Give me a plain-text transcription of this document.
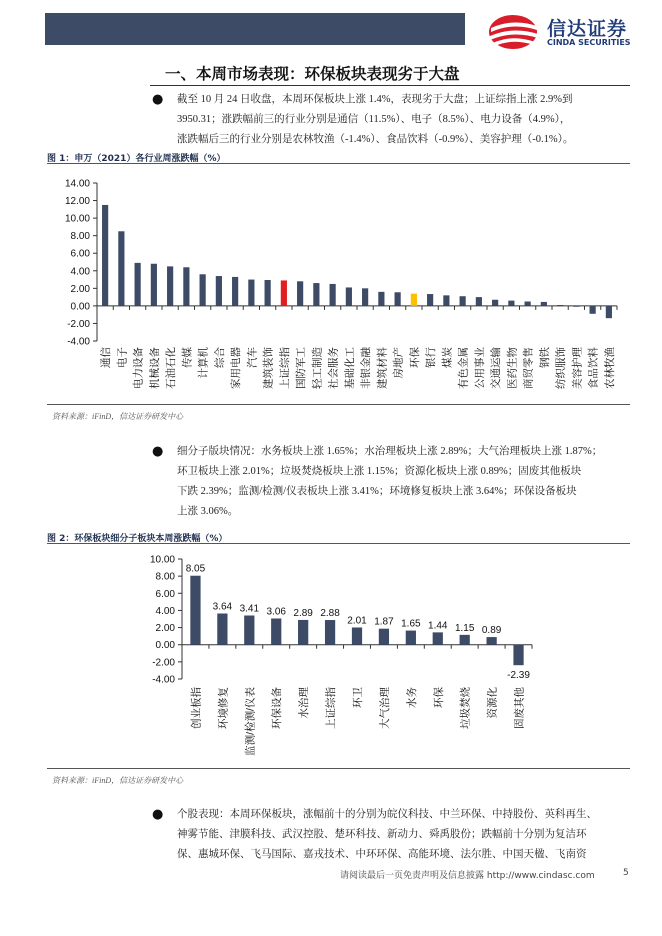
信达证券
CINDA SECURITIES
一、本周市场表现：环保板块表现劣于大盘
● 截至 10 月 24 日收盘，本周环保板块上涨 1.4%，表现劣于大盘；上证综指上涨 2.9%到
3950.31；涨跌幅前三的行业分别是通信（11.5%）、电子（8.5%）、电力设备（4.9%），
涨跌幅后三的行业分别是农林牧渔（-1.4%）、食品饮料（-0.9%）、美容护理（-0.1%）。
图 1：申万（2021）各行业周涨跌幅（%）
14.00
12.00
10.00
8.00
6.00
4.00
2.00
0.00
-2.00
-4.00
通信 电子 电力设备 机械设备 石油石化 传媒 计算机 综合 家用电器 汽车 建筑装饰 上证综指 国防军工 轻工制造 社会服务 基础化工 非银金融 建筑材料 房地产 环保 银行 煤炭 有色金属 公用事业 交通运输 医药生物 商贸零售 钢铁 纺织服饰 美容护理 食品饮料 农林牧渔
资料来源：iFinD，信达证券研发中心
● 细分子版块情况：水务板块上涨 1.65%；水治理板块上涨 2.89%；大气治理板块上涨 1.87%；
环卫板块上涨 2.01%；垃圾焚烧板块上涨 1.15%；资源化板块上涨 0.89%；固废其他板块
下跌 2.39%；监测/检测/仪表板块上涨 3.41%；环境修复板块上涨 3.64%；环保设备板块
上涨 3.06%。
图 2：环保板块细分子板块本周涨跌幅（%）
10.00
8.00
6.00
4.00
2.00
0.00
-2.00
-4.00
8.05
创业板指
3.64
环境修复
3.41
监测/检测/仪表
3.06
环保设备
2.89
水治理
2.88
上证综指
2.01
环卫
1.87
大气治理
1.65
水务
1.44
环保
1.15
垃圾焚烧
0.89
资源化
-2.39
固废其他
资料来源：iFinD，信达证券研发中心
● 个股表现：本周环保板块，涨幅前十的分别为皖仪科技、中兰环保、中持股份、英科再生、
神雾节能、津膜科技、武汉控股、楚环科技、新动力、舜禹股份；跌幅前十分别为复洁环
保、惠城环保、飞马国际、嘉戎技术、中环环保、高能环境、法尔胜、中国天楹、飞南资
请阅读最后一页免责声明及信息披露 http://www.cindasc.com	5
